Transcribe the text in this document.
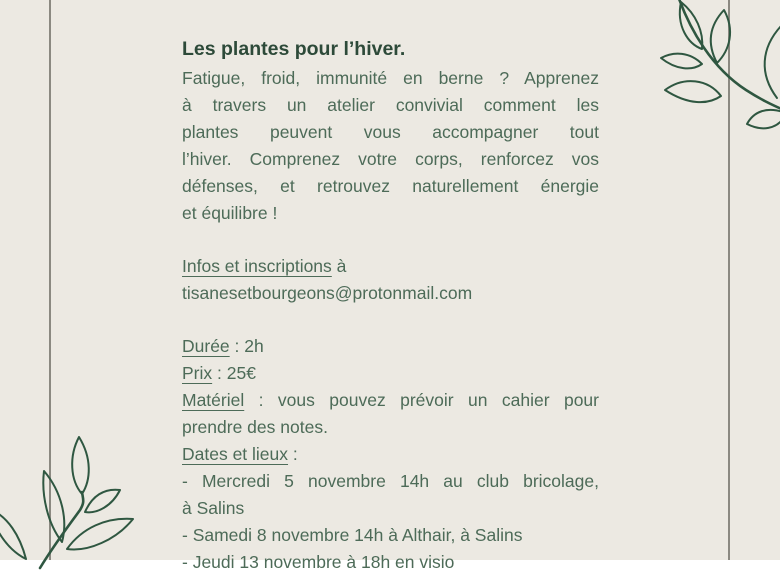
Les plantes pour l’hiver.
Fatigue, froid, immunité en berne ? Apprenez
à travers un atelier convivial comment les
plantes peuvent vous accompagner tout
l’hiver. Comprenez votre corps, renforcez vos
défenses, et retrouvez naturellement énergie
et équilibre !
Infos et inscriptions à
tisanesetbourgeons@protonmail.com
Durée : 2h
Prix : 25€
Matériel : vous pouvez prévoir un cahier pour
prendre des notes.
Dates et lieux :
- Mercredi 5 novembre 14h au club bricolage,
à Salins
- Samedi 8 novembre 14h à Althair, à Salins
- Jeudi 13 novembre à 18h en visio
